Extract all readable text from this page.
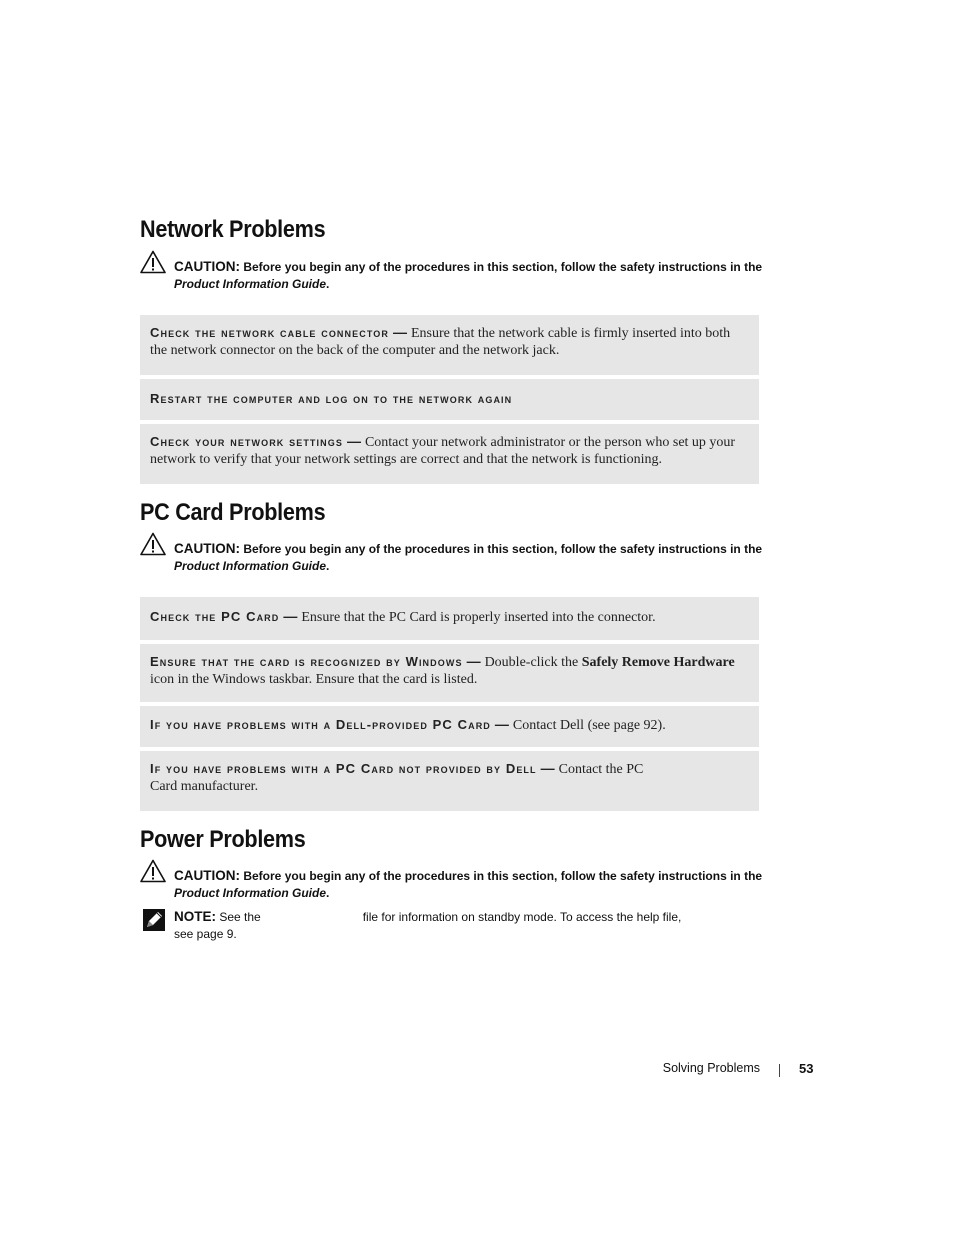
Network Problems
CAUTION: Before you begin any of the procedures in this section, follow the safety instructions in the
Product Information Guide.
Check the network cable connector — Ensure that the network cable is firmly inserted into both the network connector on the back of the computer and the network jack.
Restart the computer and log on to the network again
Check your network settings — Contact your network administrator or the person who set up your network to verify that your network settings are correct and that the network is functioning.
PC Card Problems
CAUTION: Before you begin any of the procedures in this section, follow the safety instructions in the
Product Information Guide.
Check the PC Card — Ensure that the PC Card is properly inserted into the connector.
Ensure that the card is recognized by Windows — Double-click the Safely Remove Hardware icon in the Windows taskbar. Ensure that the card is listed.
If you have problems with a Dell-provided PC Card — Contact Dell (see page 92).
If you have problems with a PC Card not provided by Dell — Contact the PC Card manufacturer.
Power Problems
CAUTION: Before you begin any of the procedures in this section, follow the safety instructions in the
Product Information Guide.
NOTE: See the	file for information on standby mode. To access the help file,
see page 9.
Solving Problems	53
